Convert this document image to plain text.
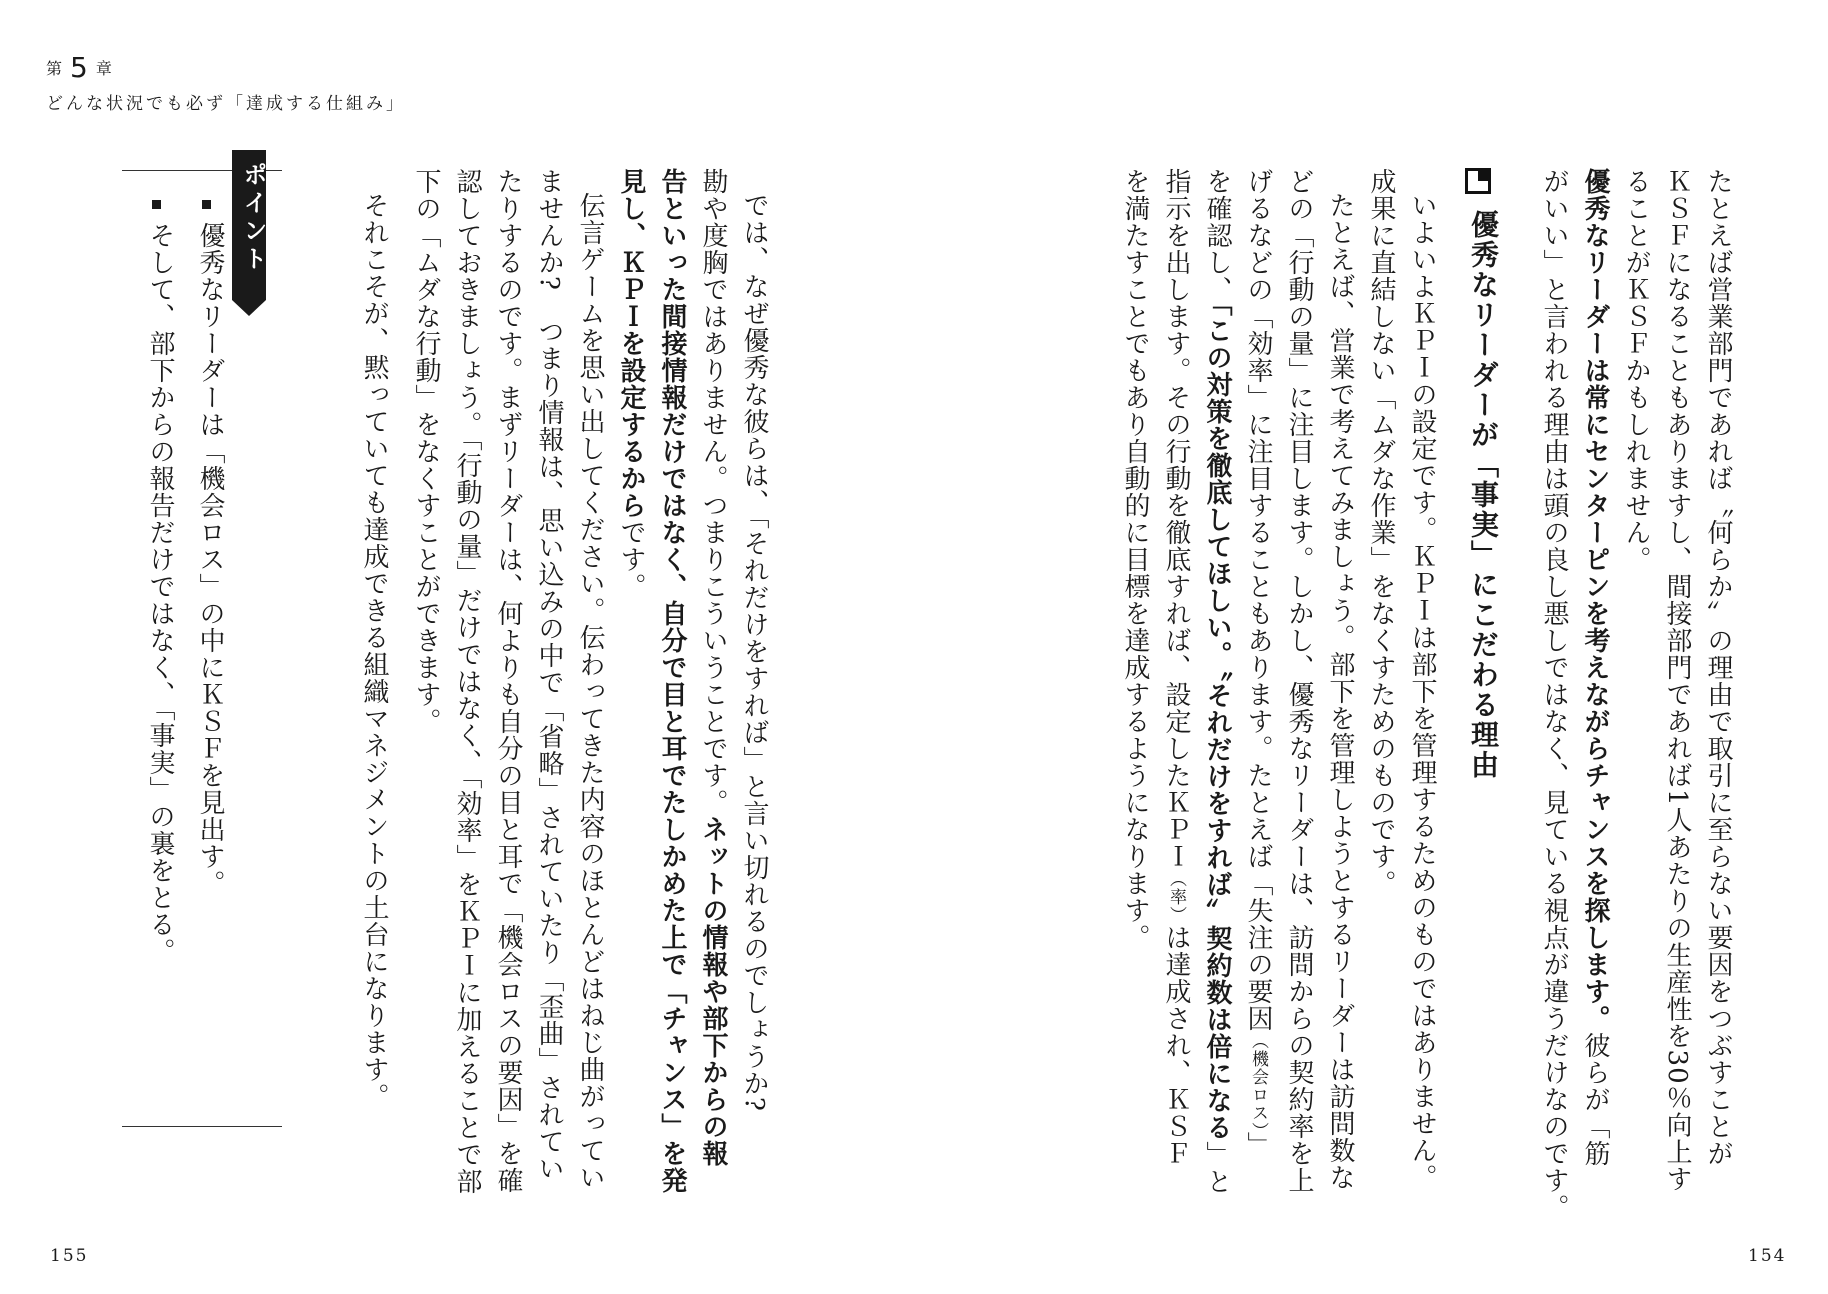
第 5 章
どんな状況でも必ず「達成する仕組み」
たとえば営業部門であれば〝何らか〟の理由で取引に至らない要因をつぶすことが
ＫＳＦになることもありますし、間接部門であれば1人あたりの生産性を30％向上す
ることがＫＳＦかもしれません。
優秀なリーダーは常にセンターピンを考えながらチャンスを探します。彼らが「筋
がいい」と言われる理由は頭の良し悪しではなく、見ている視点が違うだけなのです。
優秀なリーダーが「事実」にこだわる理由
いよいよＫＰＩの設定です。ＫＰＩは部下を管理するためのものではありません。
成果に直結しない「ムダな作業」をなくすためのものです。
たとえば、営業で考えてみましょう。部下を管理しようとするリーダーは訪問数な
どの「行動の量」に注目します。しかし、優秀なリーダーは、訪問からの契約率を上
げるなどの「効率」に注目することもあります。たとえば「失注の要因（機会ロス）」
を確認し、「この対策を徹底してほしい。〝それだけをすれば〟契約数は倍になる」と
指示を出します。その行動を徹底すれば、設定したＫＰＩ（率）は達成され、ＫＳＦ
を満たすことでもあり自動的に目標を達成するようになります。
では、なぜ優秀な彼らは、「それだけをすれば」と言い切れるのでしょうか?
勘や度胸ではありません。つまりこういうことです。ネットの情報や部下からの報
告といった間接情報だけではなく、自分で目と耳でたしかめた上で「チャンス」を発
見し、ＫＰＩを設定するからです。
伝言ゲームを思い出してください。伝わってきた内容のほとんどはねじ曲がってい
ませんか?　つまり情報は、思い込みの中で「省略」されていたり「歪曲」されてい
たりするのです。まずリーダーは、何よりも自分の目と耳で「機会ロスの要因」を確
認しておきましょう。「行動の量」だけではなく、「効率」をＫＰＩに加えることで部
下の「ムダな行動」をなくすことができます。
それこそが、黙っていても達成できる組織マネジメントの土台になります。
ポイント
優秀なリーダーは「機会ロス」の中にＫＳＦを見出す。
そして、部下からの報告だけではなく、「事実」の裏をとる。
155	154
